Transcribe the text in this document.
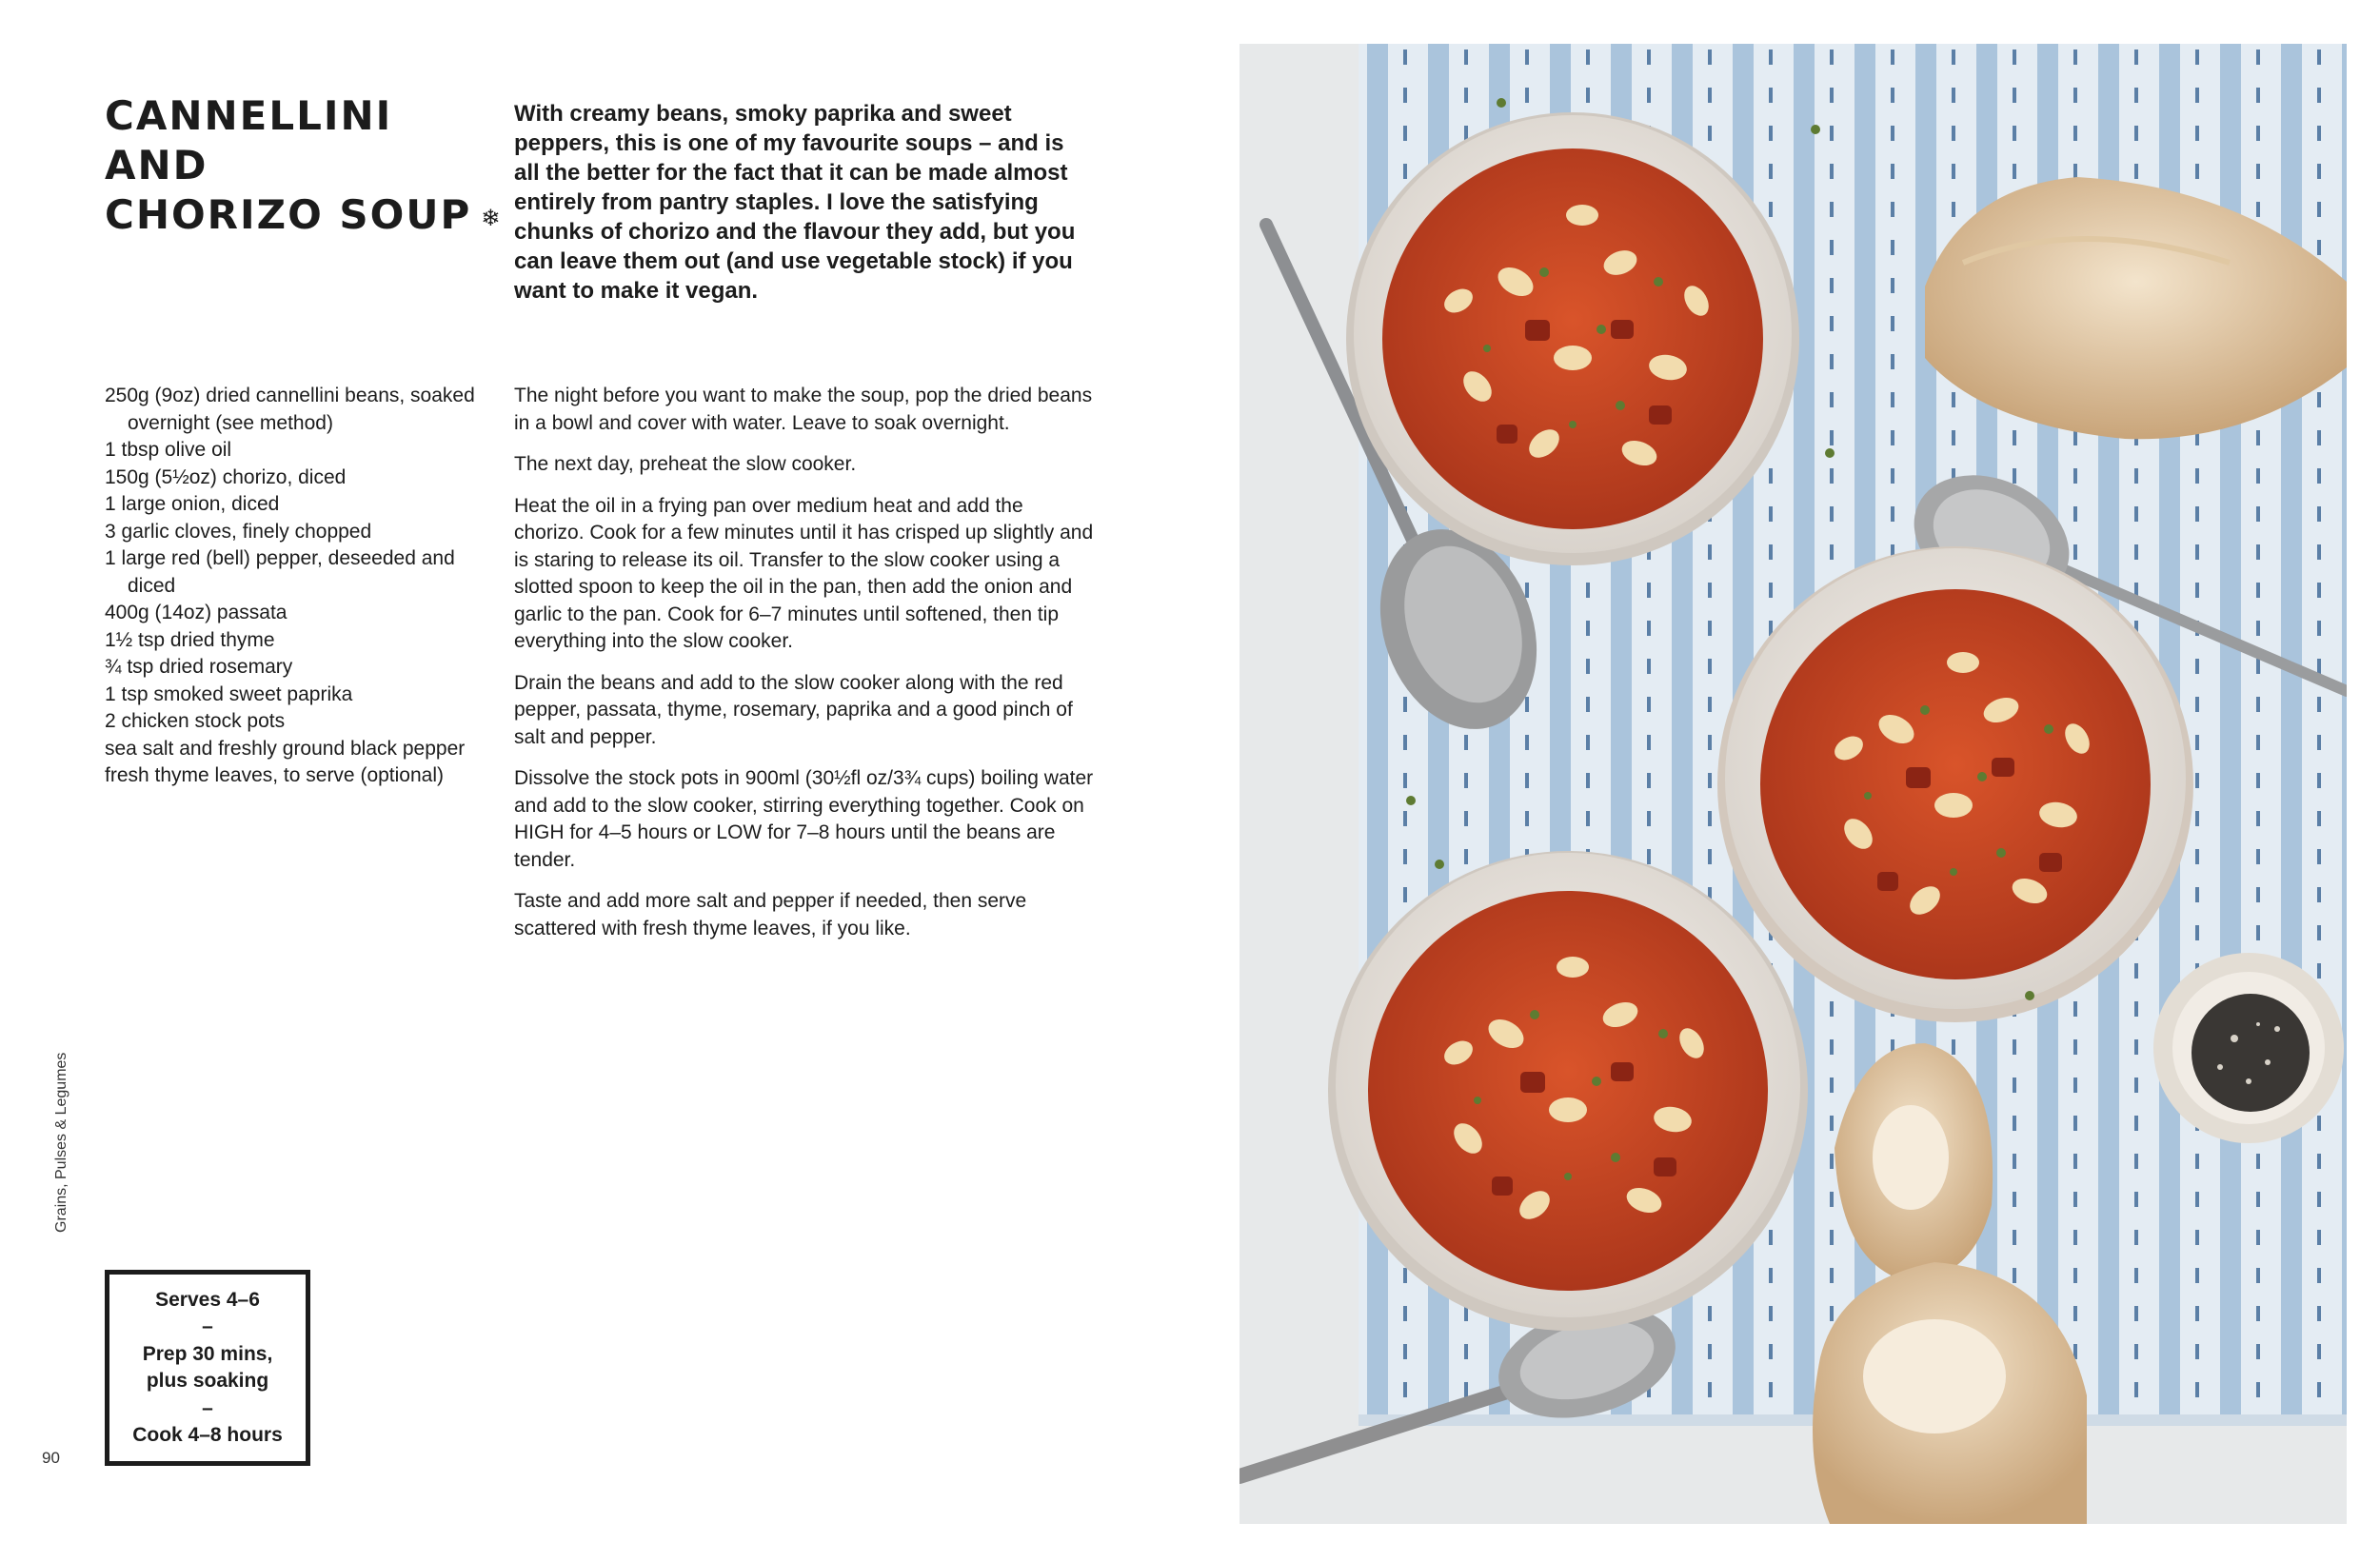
CANNELLINI AND
CHORIZO SOUP ❄
With creamy beans, smoky paprika and sweet peppers, this is one of my favourite soups – and is all the better for the fact that it can be made almost entirely from pantry staples. I love the satisfying chunks of chorizo and the flavour they add, but you can leave them out (and use vegetable stock) if you want to make it vegan.
250g (9oz) dried cannellini beans, soaked overnight (see method)
1 tbsp olive oil
150g (5½oz) chorizo, diced
1 large onion, diced
3 garlic cloves, finely chopped
1 large red (bell) pepper, deseeded and diced
400g (14oz) passata
1½ tsp dried thyme
¾ tsp dried rosemary
1 tsp smoked sweet paprika
2 chicken stock pots
sea salt and freshly ground black pepper
fresh thyme leaves, to serve (optional)

The night before you want to make the soup, pop the dried beans in a bowl and cover with water. Leave to soak overnight.

The next day, preheat the slow cooker.

Heat the oil in a frying pan over medium heat and add the chorizo. Cook for a few minutes until it has crisped up slightly and is staring to release its oil. Transfer to the slow cooker using a slotted spoon to keep the oil in the pan, then add the onion and garlic to the pan. Cook for 6–7 minutes until softened, then tip everything into the slow cooker.

Drain the beans and add to the slow cooker along with the red pepper, passata, thyme, rosemary, paprika and a good pinch of salt and pepper.

Dissolve the stock pots in 900ml (30½fl oz/3¾ cups) boiling water and add to the slow cooker, stirring everything together. Cook on HIGH for 4–5 hours or LOW for 7–8 hours until the beans are tender.

Taste and add more salt and pepper if needed, then serve scattered with fresh thyme leaves, if you like.

Serves 4–6
–
Prep 30 mins,
plus soaking
–
Cook 4–8 hours
Grains, Pulses & Legumes
90
